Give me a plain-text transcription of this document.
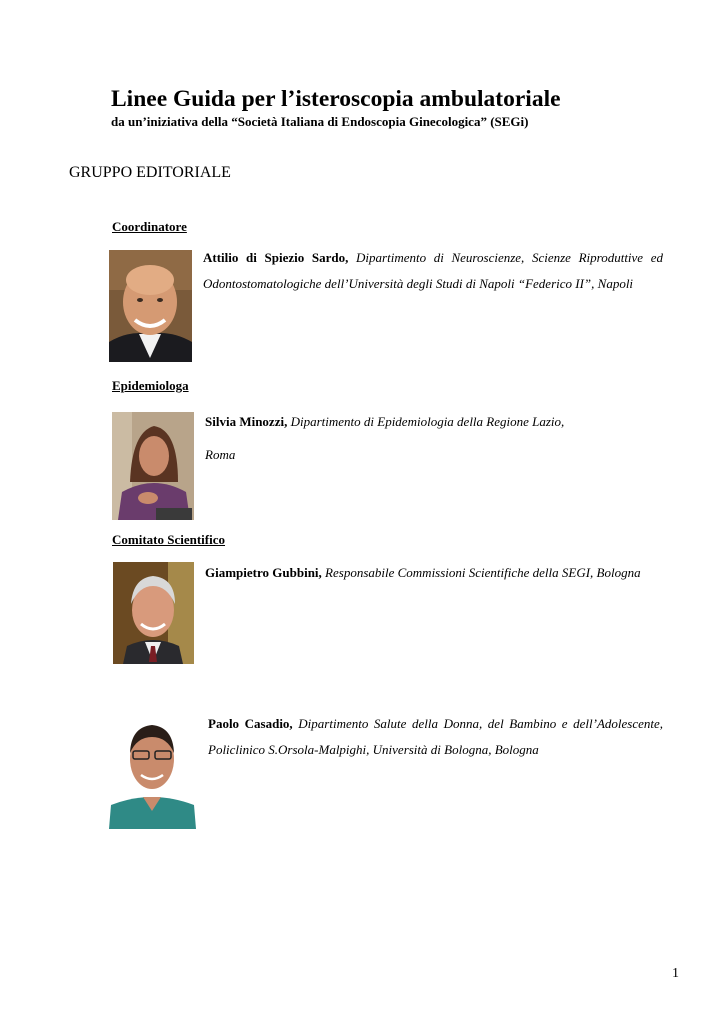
Linee Guida per l’isteroscopia ambulatoriale
da un’iniziativa della “Società Italiana di Endoscopia Ginecologica” (SEGi)
GRUPPO EDITORIALE
Coordinatore
Attilio di Spiezio Sardo, Dipartimento di Neuroscienze, Scienze Riproduttive ed Odontostomatologiche dell’Università degli Studi di Napoli “Federico II”, Napoli
Epidemiologa
Silvia Minozzi, Dipartimento di Epidemiologia della Regione Lazio,
Roma
Comitato Scientifico
Giampietro Gubbini, Responsabile Commissioni Scientifiche della SEGI, Bologna
Paolo Casadio, Dipartimento Salute della Donna, del Bambino e dell’Adolescente, Policlinico S.Orsola-Malpighi, Università di Bologna, Bologna
1
